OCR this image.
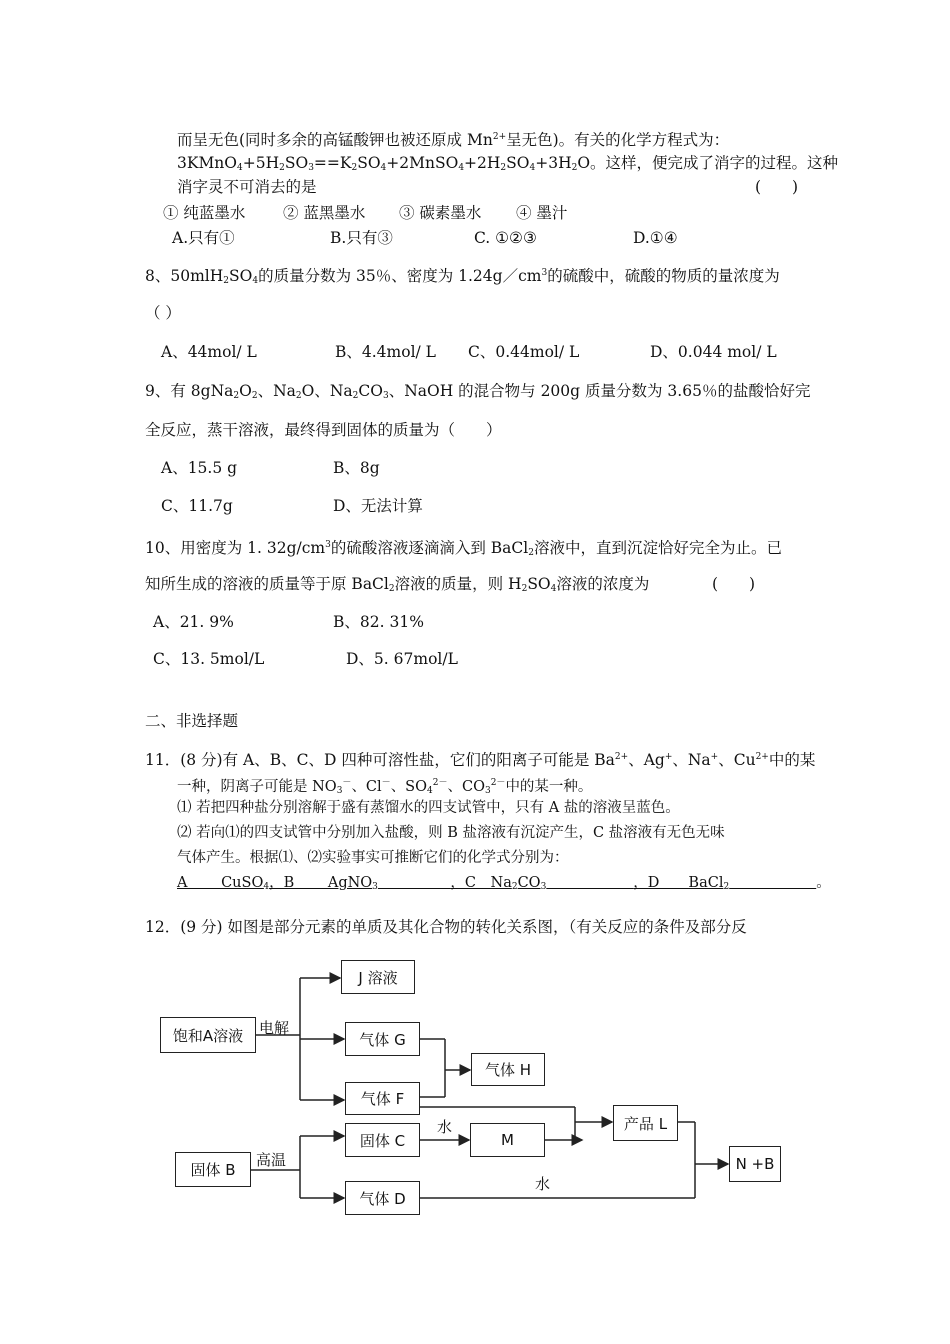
而呈无色(同时多余的高锰酸钾也被还原成 $Mn^{2+}$呈无色)。有关的化学方程式为：
$3KMnO_4+5H_2SO_3==K_2SO_4+2MnSO_4+2H_2SO_4+3H_2O$。这样，便完成了消字的过程。这种
消字灵不可消去的是	(　　)
① 纯蓝墨水 ② 蓝黑墨水 ③ 碳素墨水 ④ 墨汁
A.只有①	B.只有③	C. ①②③	D.①④
8、$50mlH_2SO_4$的质量分数为 35％、密度为 $1.24g/cm^3$的硫酸中，硫酸的物质的量浓度为
（ ）
A、44mol/ L	B、4.4mol/ L C、0.44mol/ L	D、0.044 mol/ L
9、有 $8gNa_2O_2$、$Na_2O$、$Na_2CO_3$、NaOH 的混合物与 200g 质量分数为 3.65％的盐酸恰好完
全反应，蒸干溶液，最终得到固体的质量为（　　）
A、15.5 g	B、8g
C、11.7g	D、无法计算
10、用密度为 1. $32g/cm^3$的硫酸溶液逐滴滴入到 BaCl$_2$溶液中，直到沉淀恰好完全为止。已
知所生成的溶液的质量等于原 BaCl$_2$溶液的质量，则 $H_2SO_4$溶液的浓度为	(　　)
A、21. 9%	B、82. 31%
C、13. 5mol/L	D、5. 67mol/L
二、非选择题
11．(8 分)有 A、B、C、D 四种可溶性盐，它们的阳离子可能是 $Ba^{2+}$、Ag+、Na+、$Cu^{2+}$中的某
一种，阴离子可能是 $NO_3^-$、Cl－、$SO_4^{2-}$、$CO_3^{2-}$中的某一种。
⑴ 若把四种盐分别溶解于盛有蒸馏水的四支试管中，只有 A 盐的溶液呈蓝色。
⑵ 若向⑴的四支试管中分别加入盐酸，则 B 盐溶液有沉淀产生，C 盐溶液有无色无味
气体产生。根据⑴、⑵实验事实可推断它们的化学式分别为：
A 　　CuSO$_4$，B　　 AgNO$_3$　　　　　	，C　$Na_2CO_3$　　　　　　	，D　　BaCl$_2$　　　　　　	。
12．(9 分) 如图是部分元素的单质及其化合物的转化关系图，（有关反应的条件及部分反
饱和A溶液
J 溶液
气体 G
气体 F
气体 H
固体 B
固体 C	M
气体 D
产品 L
N +B
电解
高温
水
水
